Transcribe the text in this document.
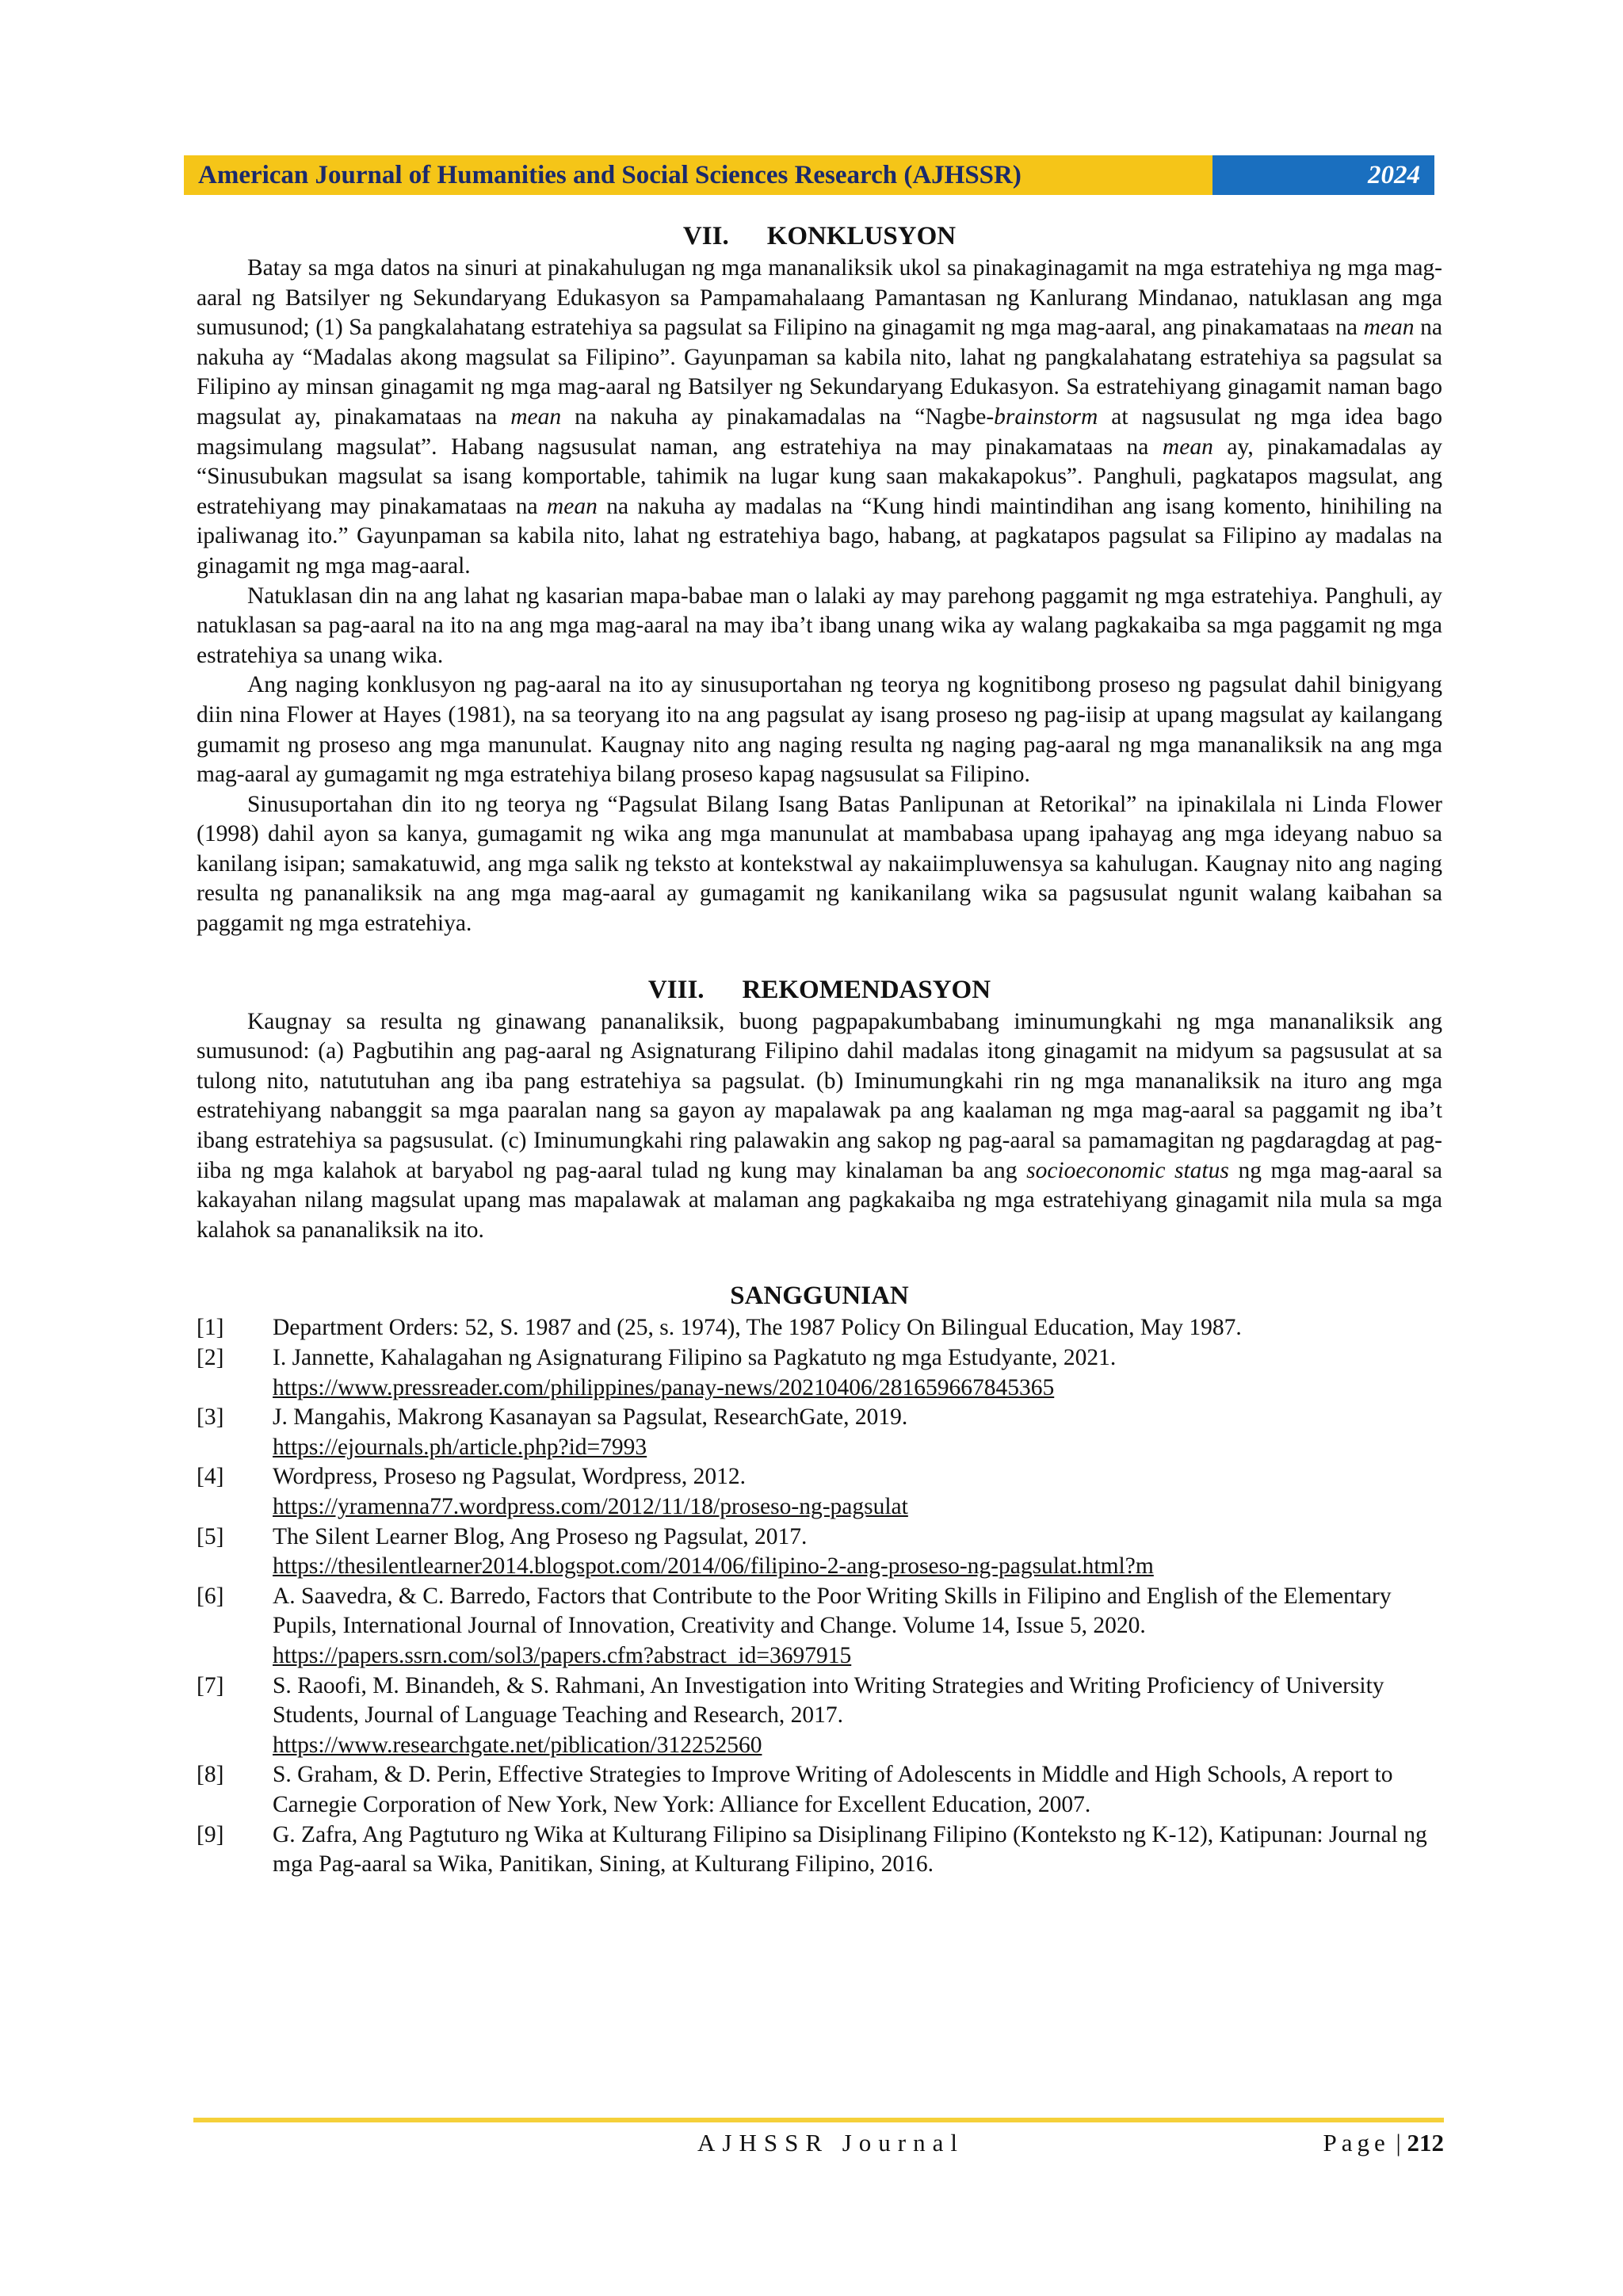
American Journal of Humanities and Social Sciences Research (AJHSSR)	2024
VII. KONKLUSYON

Batay sa mga datos na sinuri at pinakahulugan ng mga mananaliksik ukol sa pinakaginagamit na mga estratehiya ng mga mag-aaral ng Batsilyer ng Sekundaryang Edukasyon sa Pampamahalaang Pamantasan ng Kanlurang Mindanao, natuklasan ang mga sumusunod; (1) Sa pangkalahatang estratehiya sa pagsulat sa Filipino na ginagamit ng mga mag-aaral, ang pinakamataas na mean na nakuha ay “Madalas akong magsulat sa Filipino”. Gayunpaman sa kabila nito, lahat ng pangkalahatang estratehiya sa pagsulat sa Filipino ay minsan ginagamit ng mga mag-aaral ng Batsilyer ng Sekundaryang Edukasyon. Sa estratehiyang ginagamit naman bago magsulat ay, pinakamataas na mean na nakuha ay pinakamadalas na “Nagbe-brainstorm at nagsusulat ng mga idea bago magsimulang magsulat”. Habang nagsusulat naman, ang estratehiya na may pinakamataas na mean ay, pinakamadalas ay “Sinusubukan magsulat sa isang komportable, tahimik na lugar kung saan makakapokus”. Panghuli, pagkatapos magsulat, ang estratehiyang may pinakamataas na mean na nakuha ay madalas na “Kung hindi maintindihan ang isang komento, hinihiling na ipaliwanag ito.” Gayunpaman sa kabila nito, lahat ng estratehiya bago, habang, at pagkatapos pagsulat sa Filipino ay madalas na ginagamit ng mga mag-aaral.

Natuklasan din na ang lahat ng kasarian mapa-babae man o lalaki ay may parehong paggamit ng mga estratehiya. Panghuli, ay natuklasan sa pag-aaral na ito na ang mga mag-aaral na may iba’t ibang unang wika ay walang pagkakaiba sa mga paggamit ng mga estratehiya sa unang wika.

Ang naging konklusyon ng pag-aaral na ito ay sinusuportahan ng teorya ng kognitibong proseso ng pagsulat dahil binigyang diin nina Flower at Hayes (1981), na sa teoryang ito na ang pagsulat ay isang proseso ng pag-iisip at upang magsulat ay kailangang gumamit ng proseso ang mga manunulat. Kaugnay nito ang naging resulta ng naging pag-aaral ng mga mananaliksik na ang mga mag-aaral ay gumagamit ng mga estratehiya bilang proseso kapag nagsusulat sa Filipino.

Sinusuportahan din ito ng teorya ng “Pagsulat Bilang Isang Batas Panlipunan at Retorikal” na ipinakilala ni Linda Flower (1998) dahil ayon sa kanya, gumagamit ng wika ang mga manunulat at mambabasa upang ipahayag ang mga ideyang nabuo sa kanilang isipan; samakatuwid, ang mga salik ng teksto at kontekstwal ay nakaiimpluwensya sa kahulugan. Kaugnay nito ang naging resulta ng pananaliksik na ang mga mag-aaral ay gumagamit ng kanikanilang wika sa pagsusulat ngunit walang kaibahan sa paggamit ng mga estratehiya.

VIII. REKOMENDASYON

Kaugnay sa resulta ng ginawang pananaliksik, buong pagpapakumbabang iminumungkahi ng mga mananaliksik ang sumusunod: (a) Pagbutihin ang pag-aaral ng Asignaturang Filipino dahil madalas itong ginagamit na midyum sa pagsusulat at sa tulong nito, natututuhan ang iba pang estratehiya sa pagsulat. (b) Iminumungkahi rin ng mga mananaliksik na ituro ang mga estratehiyang nabanggit sa mga paaralan nang sa gayon ay mapalawak pa ang kaalaman ng mga mag-aaral sa paggamit ng iba’t ibang estratehiya sa pagsusulat. (c) Iminumungkahi ring palawakin ang sakop ng pag-aaral sa pamamagitan ng pagdaragdag at pag-iiba ng mga kalahok at baryabol ng pag-aaral tulad ng kung may kinalaman ba ang socioeconomic status ng mga mag-aaral sa kakayahan nilang magsulat upang mas mapalawak at malaman ang pagkakaiba ng mga estratehiyang ginagamit nila mula sa mga kalahok sa pananaliksik na ito.

SANGGUNIAN
[1]	Department Orders: 52, S. 1987 and (25, s. 1974), The 1987 Policy On Bilingual Education, May 1987.
[2]	I. Jannette, Kahalagahan ng Asignaturang Filipino sa Pagkatuto ng mga Estudyante, 2021.
https://www.pressreader.com/philippines/panay-news/20210406/281659667845365
[3]	J. Mangahis, Makrong Kasanayan sa Pagsulat, ResearchGate, 2019.
https://ejournals.ph/article.php?id=7993
[4]	Wordpress, Proseso ng Pagsulat, Wordpress, 2012.
https://yramenna77.wordpress.com/2012/11/18/proseso-ng-pagsulat
[5]	The Silent Learner Blog, Ang Proseso ng Pagsulat, 2017.
https://thesilentlearner2014.blogspot.com/2014/06/filipino-2-ang-proseso-ng-pagsulat.html?m
[6]	A. Saavedra, & C. Barredo, Factors that Contribute to the Poor Writing Skills in Filipino and English of the Elementary Pupils, International Journal of Innovation, Creativity and Change. Volume 14, Issue 5, 2020. https://papers.ssrn.com/sol3/papers.cfm?abstract_id=3697915
[7]	S. Raoofi, M. Binandeh, & S. Rahmani, An Investigation into Writing Strategies and Writing Proficiency of University Students, Journal of Language Teaching and Research, 2017.
https://www.researchgate.net/piblication/312252560
[8]	S. Graham, & D. Perin, Effective Strategies to Improve Writing of Adolescents in Middle and High Schools, A report to Carnegie Corporation of New York, New York: Alliance for Excellent Education, 2007.
[9]	G. Zafra, Ang Pagtuturo ng Wika at Kulturang Filipino sa Disiplinang Filipino (Konteksto ng K-12), Katipunan: Journal ng mga Pag-aaral sa Wika, Panitikan, Sining, at Kulturang Filipino, 2016.
AJHSSR Journal	Page | 212
